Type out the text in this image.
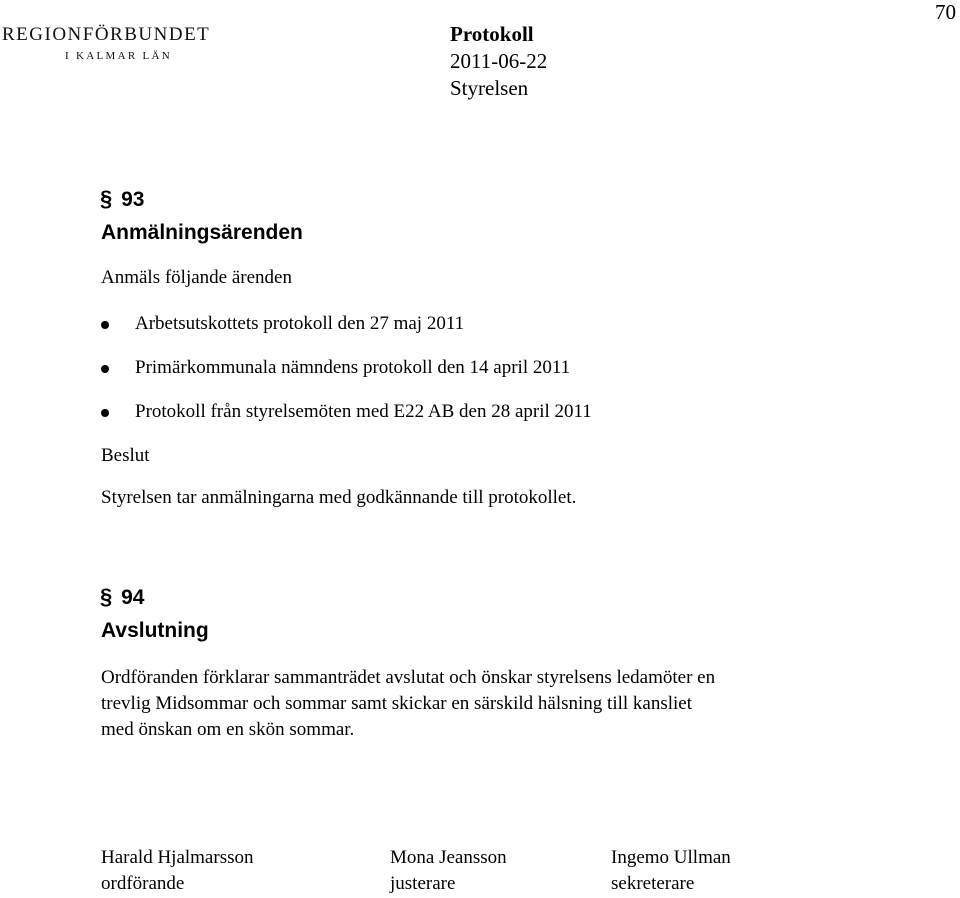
REGIONFÖRBUNDET
I KALMAR LÄN
Protokoll
2011-06-22
Styrelsen
70
§ 93
Anmälningsärenden
Anmäls följande ärenden
Arbetsutskottets protokoll den 27 maj 2011
Primärkommunala nämndens protokoll den 14 april 2011
Protokoll från styrelsemöten med E22 AB den 28 april 2011
Beslut
Styrelsen tar anmälningarna med godkännande till protokollet.
§ 94
Avslutning
Ordföranden förklarar sammanträdet avslutat och önskar styrelsens ledamöter en
trevlig Midsommar och sommar samt skickar en särskild hälsning till kansliet
med önskan om en skön sommar.
Harald Hjalmarsson
ordförande
Mona Jeansson
justerare
Ingemo Ullman
sekreterare
